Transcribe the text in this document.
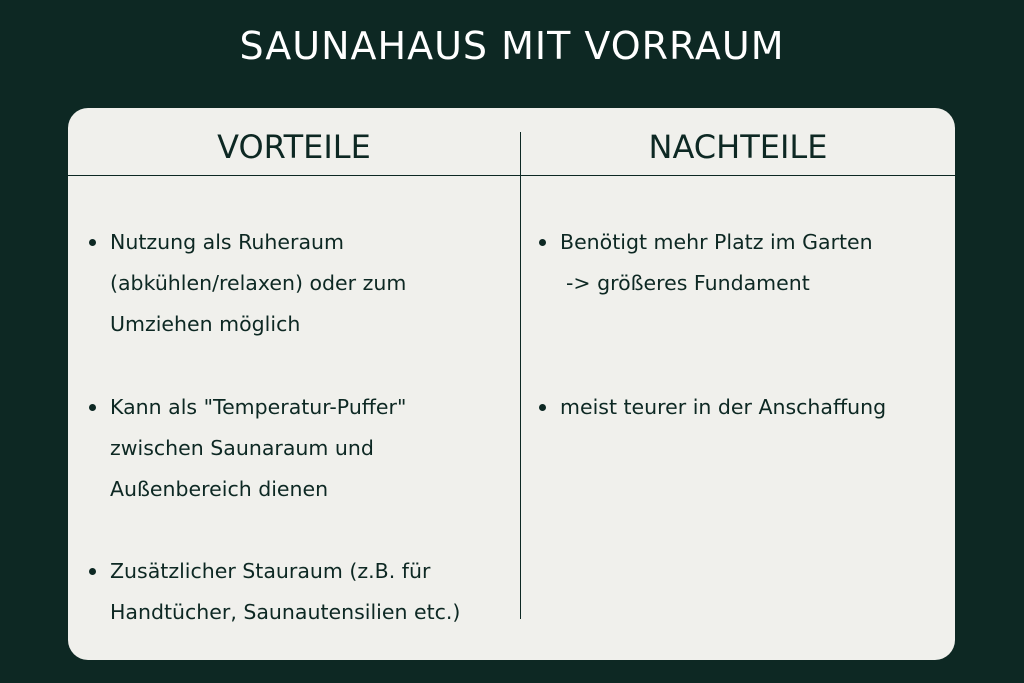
SAUNAHAUS MIT VORRAUM
VORTEILE	NACHTEILE
Nutzung als Ruheraum
(abkühlen/relaxen) oder zum
Umziehen möglich
Kann als "Temperatur-Puffer"
zwischen Saunaraum und
Außenbereich dienen
Zusätzlicher Stauraum (z.B. für
Handtücher, Saunautensilien etc.)
Benötigt mehr Platz im Garten
-> größeres Fundament
meist teurer in der Anschaffung
